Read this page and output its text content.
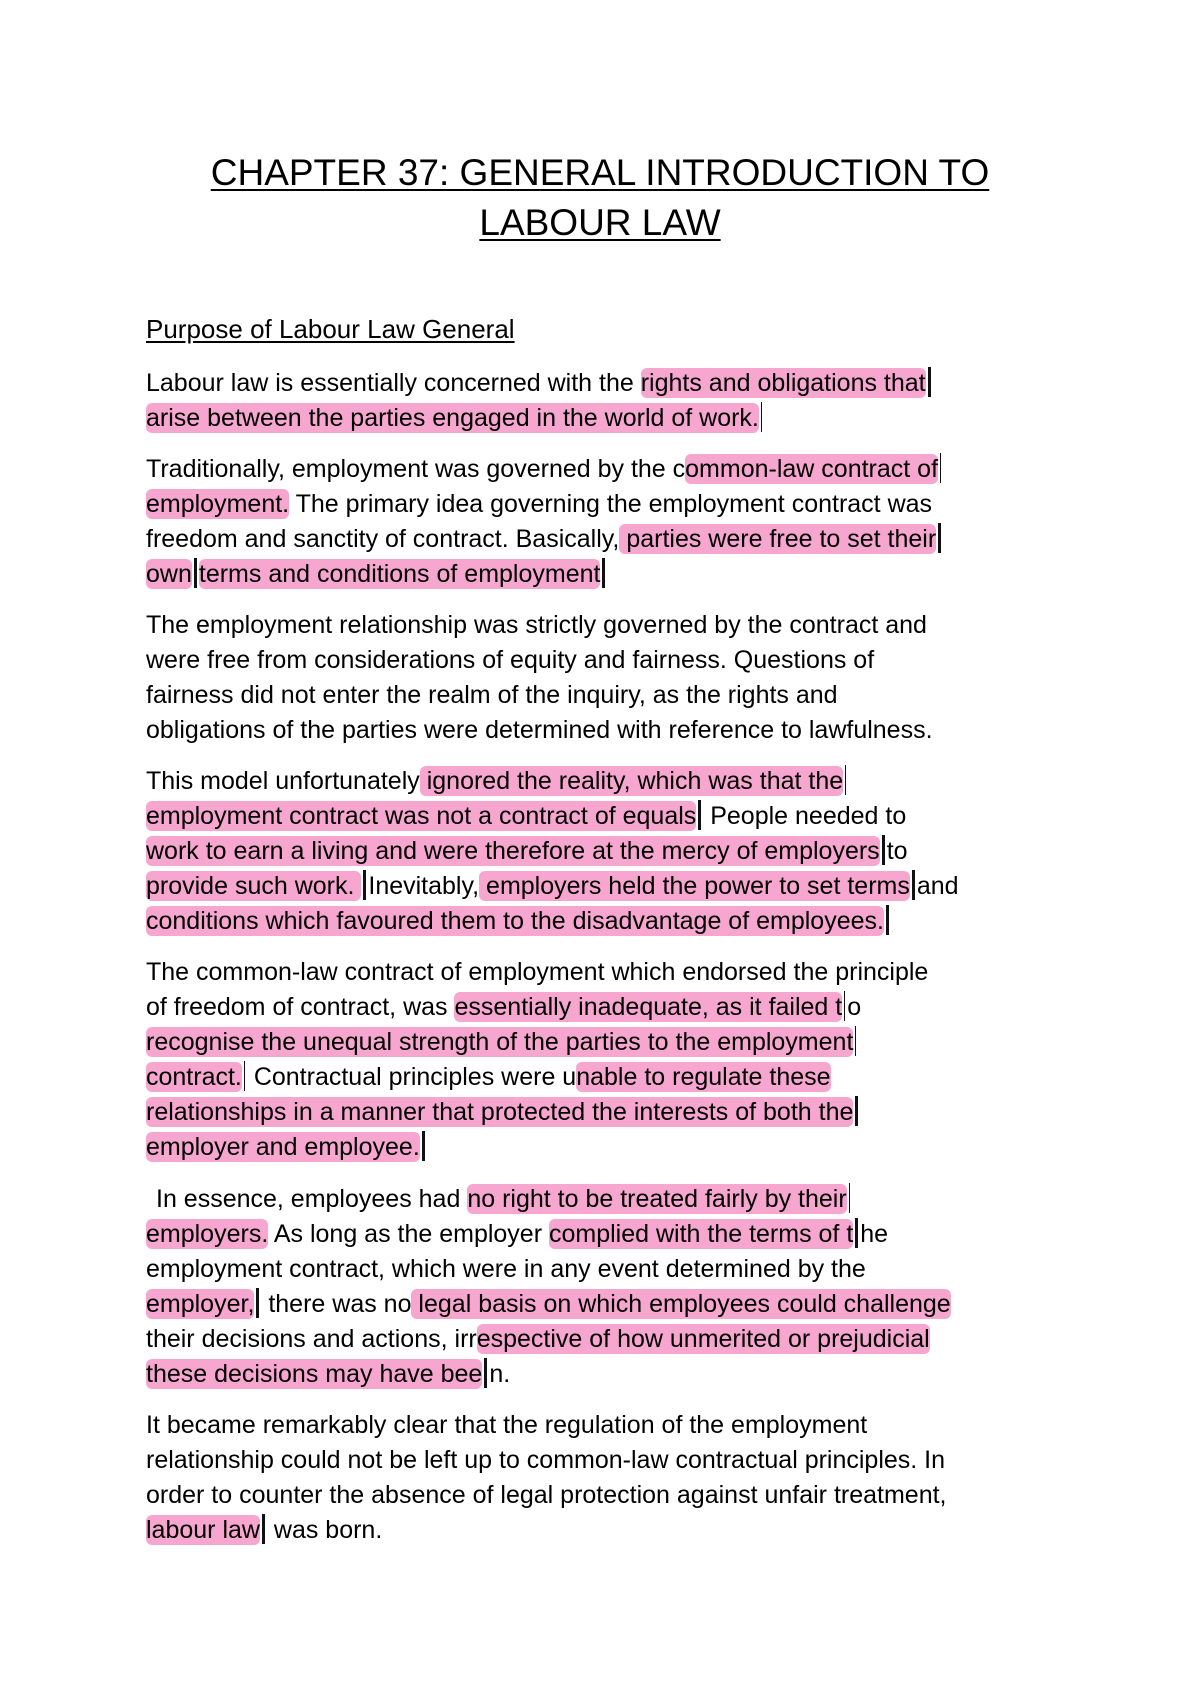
CHAPTER 37: GENERAL INTRODUCTION TO
LABOUR LAW
Purpose of Labour Law General
Labour law is essentially concerned with the rights and obligations that
arise between the parties engaged in the world of work.
Traditionally, employment was governed by the common-law contract of
employment. The primary idea governing the employment contract was
freedom and sanctity of contract. Basically, parties were free to set their
own terms and conditions of employment
The employment relationship was strictly governed by the contract and
were free from considerations of equity and fairness. Questions of
fairness did not enter the realm of the inquiry, as the rights and
obligations of the parties were determined with reference to lawfulness.
This model unfortunately ignored the reality, which was that the
employment contract was not a contract of equals People needed to
work to earn a living and were therefore at the mercy of employers to
provide such work. Inevitably, employers held the power to set terms and
conditions which favoured them to the disadvantage of employees.
The common-law contract of employment which endorsed the principle
of freedom of contract, was essentially inadequate, as it failed t o
recognise the unequal strength of the parties to the employment
contract. Contractual principles were unable to regulate these
relationships in a manner that protected the interests of both the
employer and employee.
In essence, employees had no right to be treated fairly by their
employers. As long as the employer complied with the terms of t he
employment contract, which were in any event determined by the
employer, there was no legal basis on which employees could challenge
their decisions and actions, irrespective of how unmerited or prejudicial
these decisions may have bee n.
It became remarkably clear that the regulation of the employment
relationship could not be left up to common-law contractual principles. In
order to counter the absence of legal protection against unfair treatment,
labour law was born.
